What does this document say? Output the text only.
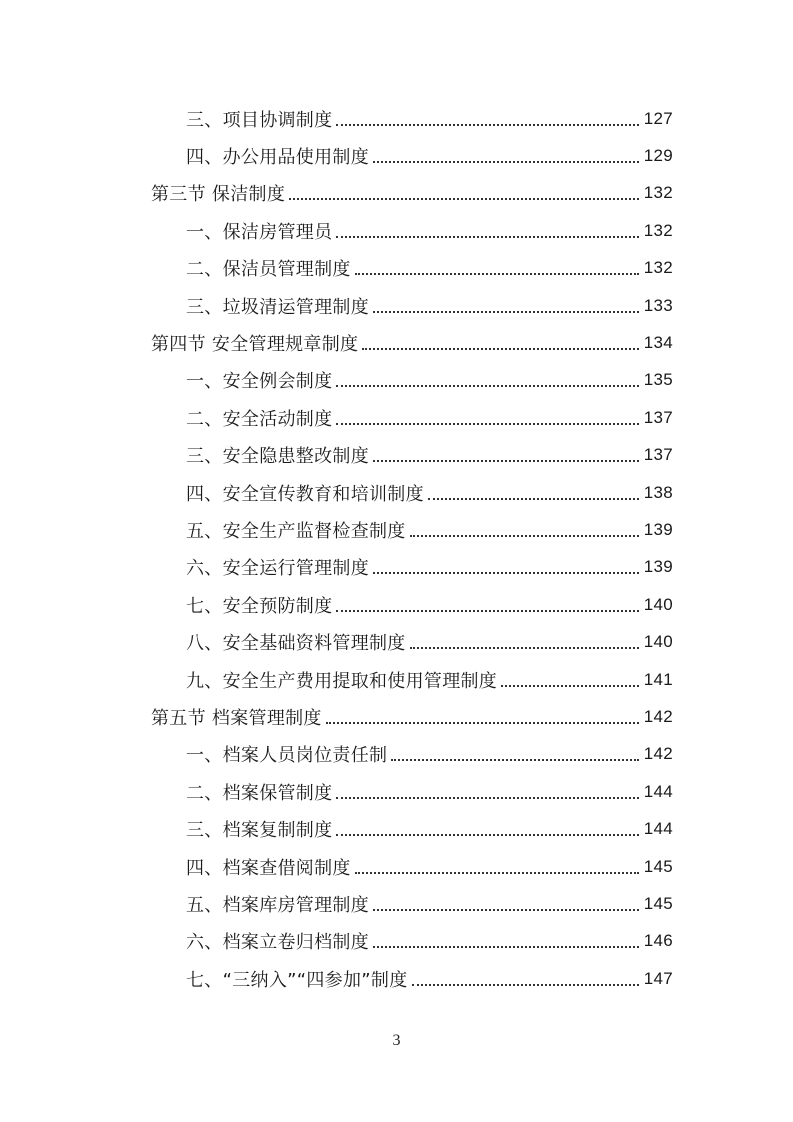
三、项目协调制度	127
四、办公用品使用制度	129
第三节 保洁制度	132
一、保洁房管理员	132
二、保洁员管理制度	132
三、垃圾清运管理制度	133
第四节 安全管理规章制度	134
一、安全例会制度	135
二、安全活动制度	137
三、安全隐患整改制度	137
四、安全宣传教育和培训制度	138
五、安全生产监督检查制度	139
六、安全运行管理制度	139
七、安全预防制度	140
八、安全基础资料管理制度	140
九、安全生产费用提取和使用管理制度	141
第五节 档案管理制度	142
一、档案人员岗位责任制	142
二、档案保管制度	144
三、档案复制制度	144
四、档案查借阅制度	145
五、档案库房管理制度	145
六、档案立卷归档制度	146
七、“三纳入”“四参加”制度	147
3
